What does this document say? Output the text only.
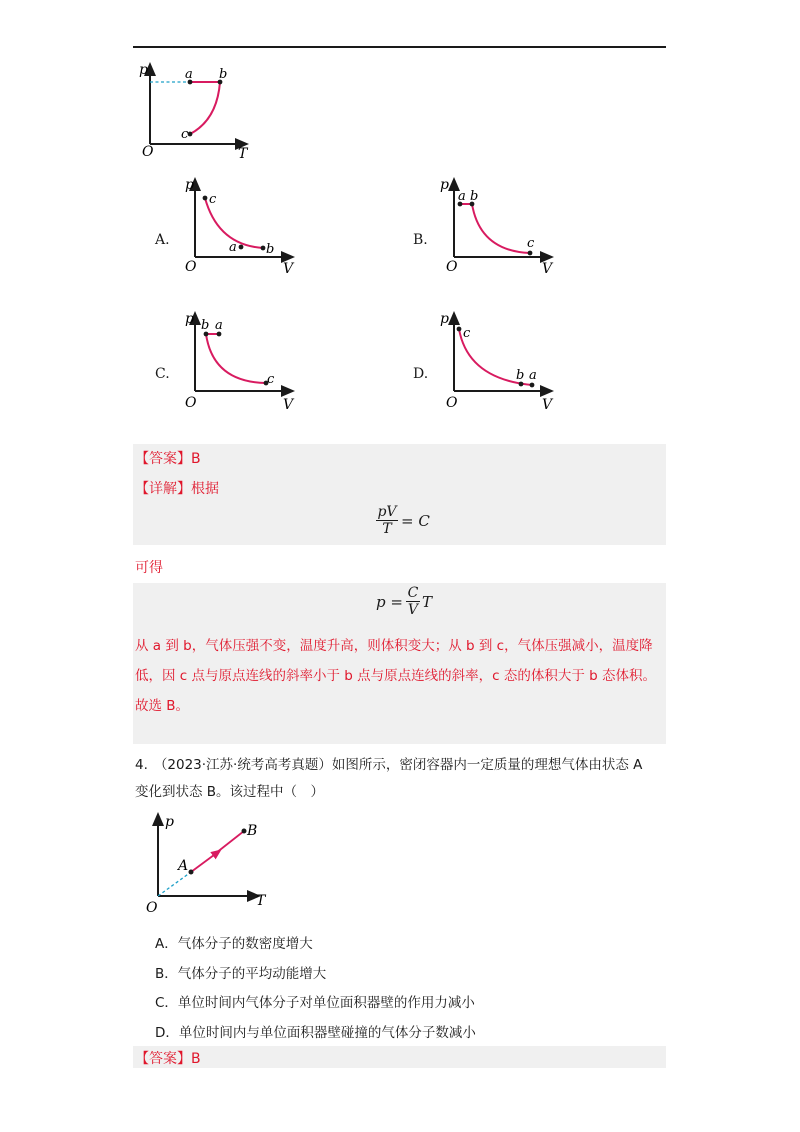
p
T
O
a b
c
A.
p
V
O
c
a b
B.
p
V
O
a b
c
C.
p
V
O
b a
c	D.
p
V
O
c
b a
【答案】B
【详解】根据
pV
T = C
可得
p = C
V T
从 a 到 b，气体压强不变，温度升高，则体积变大；从 b 到 c，气体压强减小，温度降
低，因 c 点与原点连线的斜率小于 b 点与原点连线的斜率，c 态的体积大于 b 态体积。
故选 B。
4. （2023·江苏·统考高考真题）如图所示，密闭容器内一定质量的理想气体由状态 A
变化到状态 B。该过程中（　）
p
T
O
A
B
A．气体分子的数密度增大
B．气体分子的平均动能增大
C．单位时间内气体分子对单位面积器壁的作用力减小
D．单位时间内与单位面积器壁碰撞的气体分子数减小
【答案】B
